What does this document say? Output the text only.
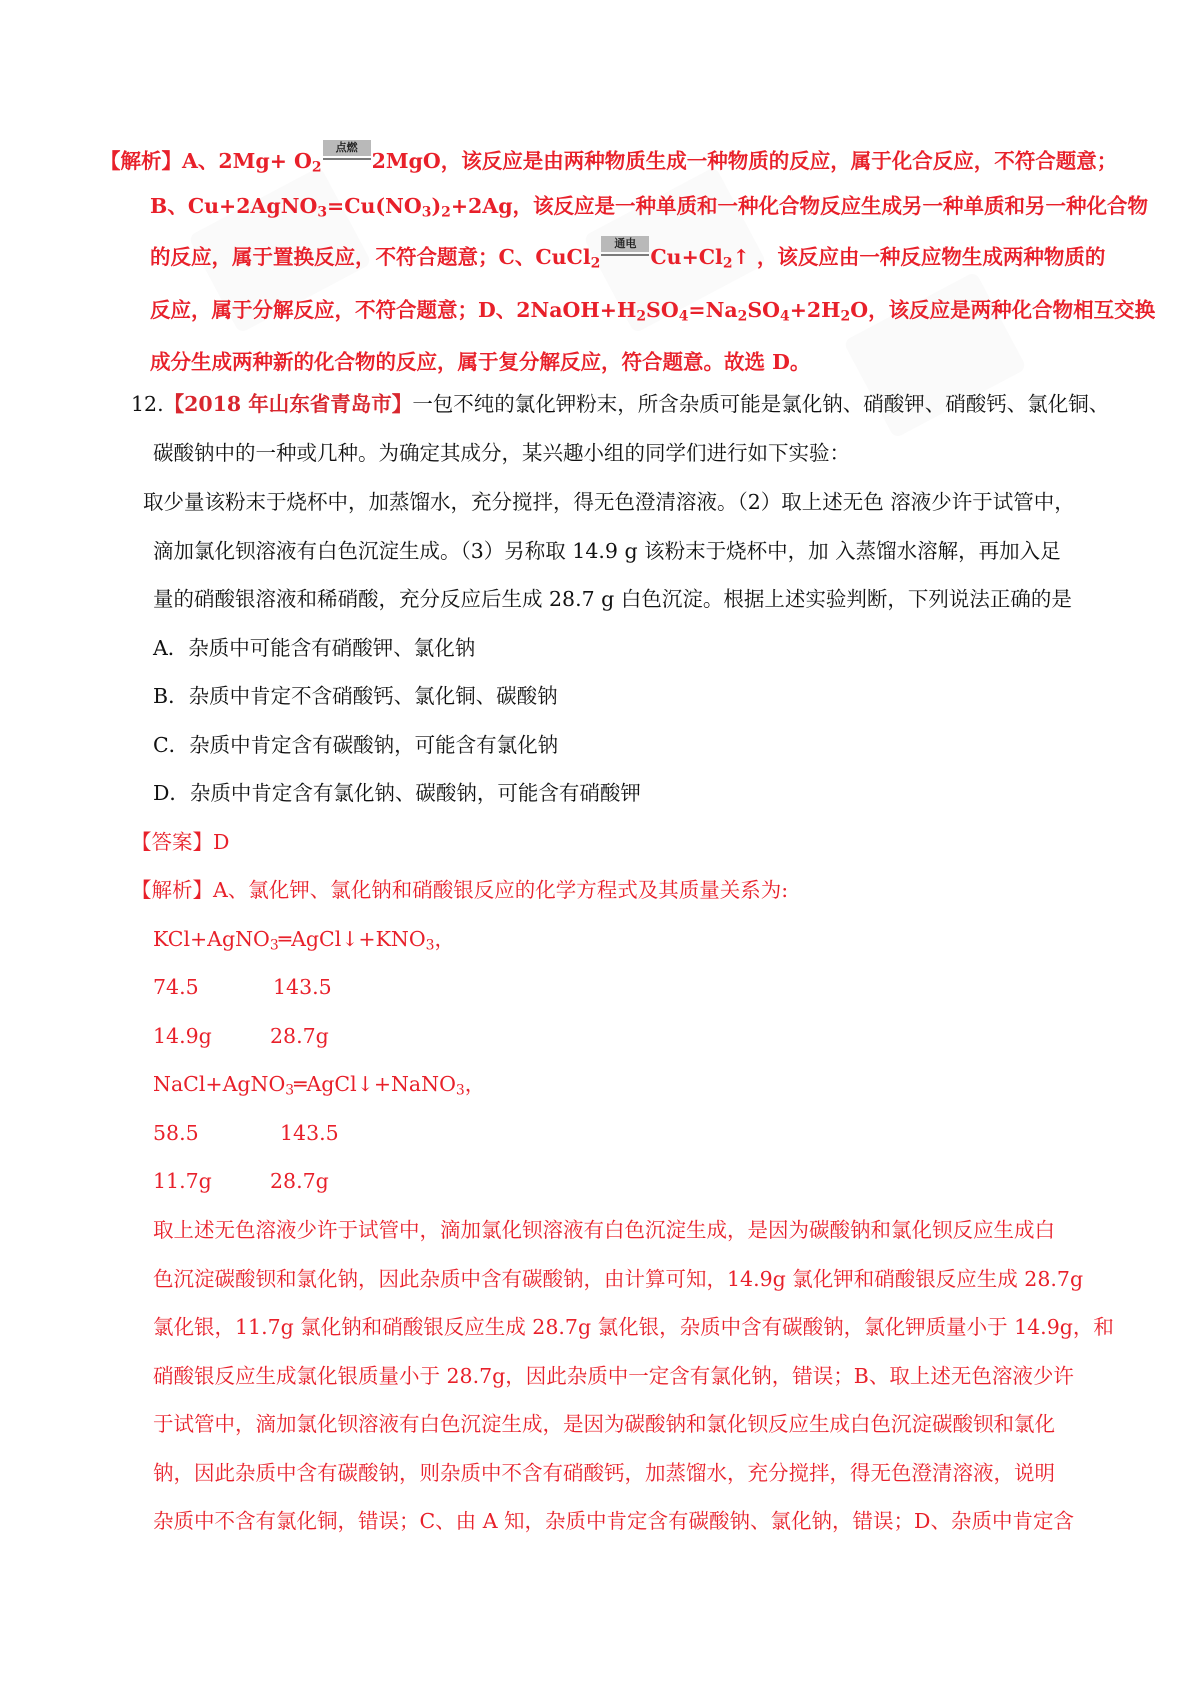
【解析】A、$2Mg+ O_2$
点燃
2MgO，该反应是由两种物质生成一种物质的反应，属于化合反应，不符合题意；
B、$Cu+2AgNO_3=Cu(NO_3)_2+2Ag$，该反应是一种单质和一种化合物反应生成另一种单质和另一种化合物
的反应，属于置换反应，不符合题意；C、CuCl$_2$
通电
$Cu+Cl_2↑$ ，该反应由一种反应物生成两种物质的
反应，属于分解反应，不符合题意；D、$2NaOH+H_2SO_4=Na_2SO_4+2H_2O$，该反应是两种化合物相互交换
成分生成两种新的化合物的反应，属于复分解反应，符合题意。故选 D。
12.【2018 年山东省青岛市】一包不纯的氯化钾粉末，所含杂质可能是氯化钠、硝酸钾、硝酸钙、氯化铜、
碳酸钠中的一种或几种。为确定其成分，某兴趣小组的同学们进行如下实验：
取少量该粉末于烧杯中，加蒸馏水，充分搅拌，得无色澄清溶液。（2）取上述无色 溶液少许于试管中，
滴加氯化钡溶液有白色沉淀生成。（3）另称取 14.9 g 该粉末于烧杯中，加 入蒸馏水溶解，再加入足
量的硝酸银溶液和稀硝酸，充分反应后生成 28.7 g 白色沉淀。根据上述实验判断，下列说法正确的是
A．杂质中可能含有硝酸钾、氯化钠
B．杂质中肯定不含硝酸钙、氯化铜、碳酸钠
C．杂质中肯定含有碳酸钠，可能含有氯化钠
D．杂质中肯定含有氯化钠、碳酸钠，可能含有硝酸钾
【答案】D
【解析】A、氯化钾、氯化钠和硝酸银反应的化学方程式及其质量关系为:
$KCl+AgNO_3═AgCl↓+KNO_3$，
74.5	143.5
14.9g	28.7g
NaCl+AgNO$_3$═AgCl↓+NaNO$_3$，
58.5	143.5
11.7g	28.7g
取上述无色溶液少许于试管中，滴加氯化钡溶液有白色沉淀生成，是因为碳酸钠和氯化钡反应生成白
色沉淀碳酸钡和氯化钠，因此杂质中含有碳酸钠，由计算可知，14.9g 氯化钾和硝酸银反应生成 28.7g
氯化银，11.7g 氯化钠和硝酸银反应生成 28.7g 氯化银，杂质中含有碳酸钠，氯化钾质量小于 14.9g，和
硝酸银反应生成氯化银质量小于 28.7g，因此杂质中一定含有氯化钠，错误；B、取上述无色溶液少许
于试管中，滴加氯化钡溶液有白色沉淀生成，是因为碳酸钠和氯化钡反应生成白色沉淀碳酸钡和氯化
钠，因此杂质中含有碳酸钠，则杂质中不含有硝酸钙，加蒸馏水，充分搅拌，得无色澄清溶液，说明
杂质中不含有氯化铜，错误；C、由 A 知，杂质中肯定含有碳酸钠、氯化钠，错误；D、杂质中肯定含
